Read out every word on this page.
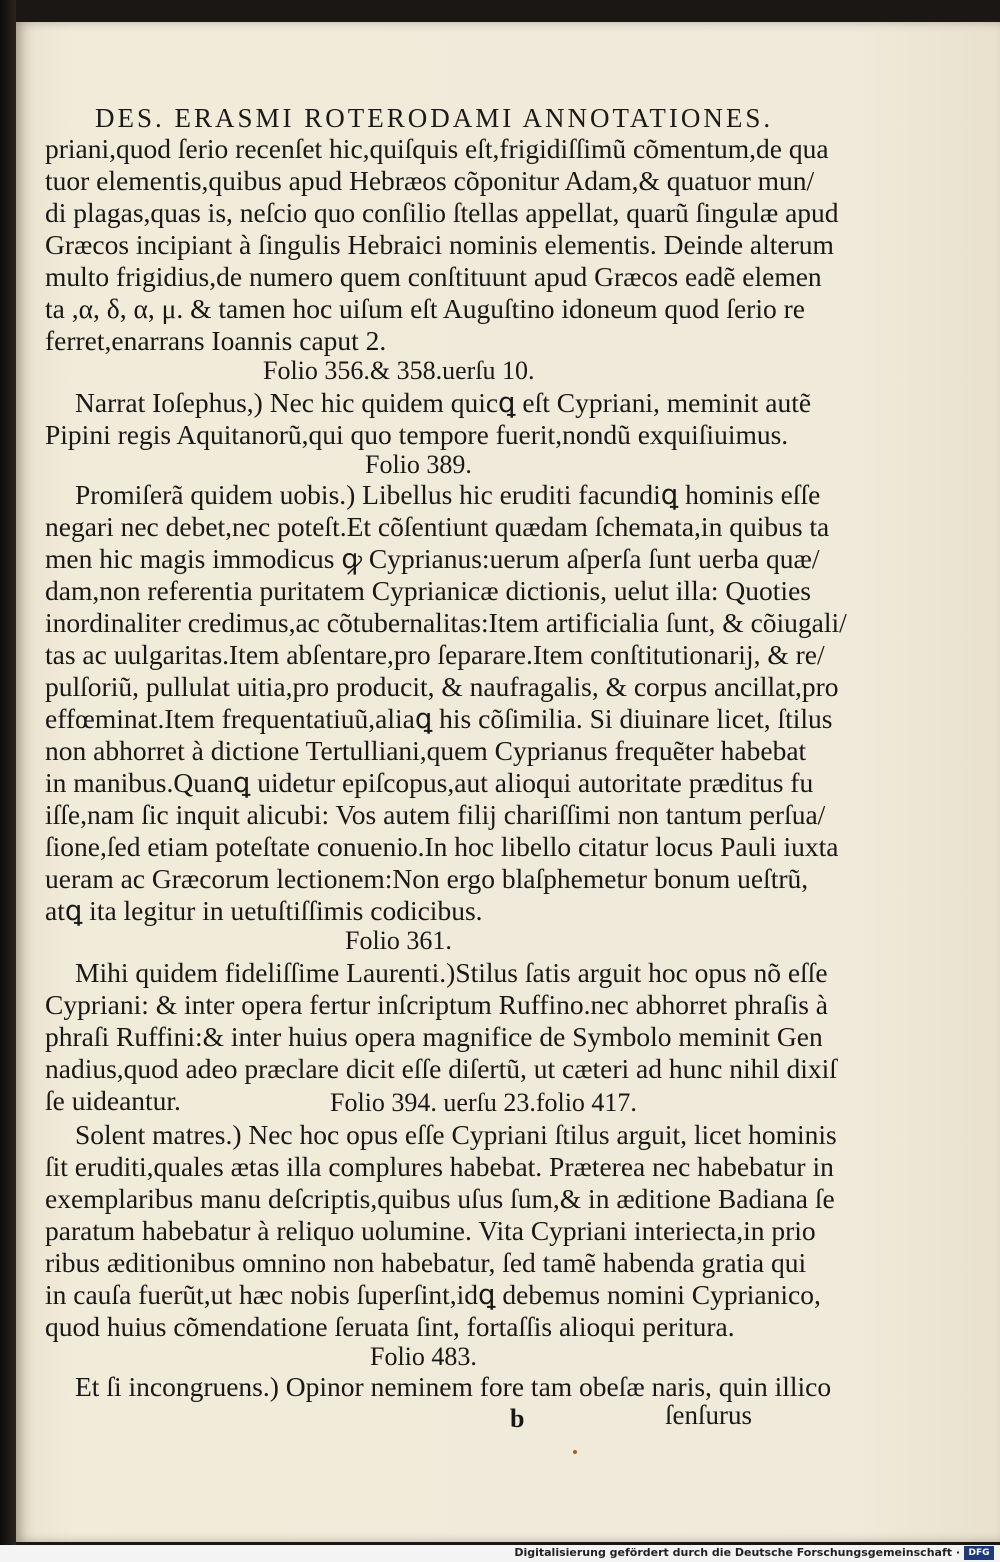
DES. ERASMI ROTERODAMI ANNOTATIONES.
priani,quod ſerio recenſet hic,quiſquis eſt,frigidiſſimũ cõmentum,de qua
tuor elementis,quibus apud Hebræos cõponitur Adam,& quatuor mun/
di plagas,quas is, neſcio quo conſilio ſtellas appellat, quarũ ſingulæ apud
Græcos incipiant à ſingulis Hebraici nominis elementis. Deinde alterum
multo frigidius,de numero quem conſtituunt apud Græcos eadẽ elemen
ta ,α, δ, α, μ. & tamen hoc uiſum eſt Auguſtino idoneum quod ſerio re
ferret,enarrans Ioannis caput 2.
Folio 356.& 358.uerſu 10.
Narrat Ioſephus,) Nec hic quidem quicꝗ eſt Cypriani, meminit autẽ
Pipini regis Aquitanorũ,qui quo tempore fuerit,nondũ exquiſiuimus.
Folio 389.
Promiſerã quidem uobis.) Libellus hic eruditi facundiꝗ hominis eſſe
negari nec debet,nec poteſt.Et cõſentiunt quædam ſchemata,in quibus ta
men hic magis immodicus ꝙ Cyprianus:uerum aſperſa ſunt uerba quæ/
dam,non referentia puritatem Cyprianicæ dictionis, uelut illa: Quoties
inordinaliter credimus,ac cõtubernalitas:Item artificialia ſunt, & cõiugali/
tas ac uulgaritas.Item abſentare,pro ſeparare.Item conſtitutionarij, & re/
pulſoriũ, pullulat uitia,pro producit, & naufragalis, & corpus ancillat,pro
effœminat.Item frequentatiuũ,aliaꝗ his cõſimilia. Si diuinare licet, ſtilus
non abhorret à dictione Tertulliani,quem Cyprianus frequẽter habebat
in manibus.Quanꝗ uidetur epiſcopus,aut alioqui autoritate præditus fu
iſſe,nam ſic inquit alicubi: Vos autem filij chariſſimi non tantum perſua/
ſione,ſed etiam poteſtate conuenio.In hoc libello citatur locus Pauli iuxta
ueram ac Græcorum lectionem:Non ergo blaſphemetur bonum ueſtrũ,
atꝗ ita legitur in uetuſtiſſimis codicibus.
Folio 361.
Mihi quidem fideliſſime Laurenti.)Stilus ſatis arguit hoc opus nõ eſſe
Cypriani: & inter opera fertur inſcriptum Ruffino.nec abhorret phraſis à
phraſi Ruffini:& inter huius opera magnifice de Symbolo meminit Gen
nadius,quod adeo præclare dicit eſſe diſertũ, ut cæteri ad hunc nihil dixiſ
ſe uideantur.	Folio 394. uerſu 23.folio 417.
Solent matres.) Nec hoc opus eſſe Cypriani ſtilus arguit, licet hominis
ſit eruditi,quales ætas illa complures habebat. Præterea nec habebatur in
exemplaribus manu deſcriptis,quibus uſus ſum,& in æditione Badiana ſe
paratum habebatur à reliquo uolumine. Vita Cypriani interiecta,in prio
ribus æditionibus omnino non habebatur, ſed tamẽ habenda gratia qui
in cauſa fuerũt,ut hæc nobis ſuperſint,idꝗ debemus nomini Cyprianico,
quod huius cõmendatione ſeruata ſint, fortaſſis alioqui peritura.
Folio 483.
Et ſi incongruens.) Opinor neminem fore tam obeſæ naris, quin illico
b	ſenſurus
Digitalisierung gefördert durch die Deutsche Forschungsgemeinschaft · DFG
